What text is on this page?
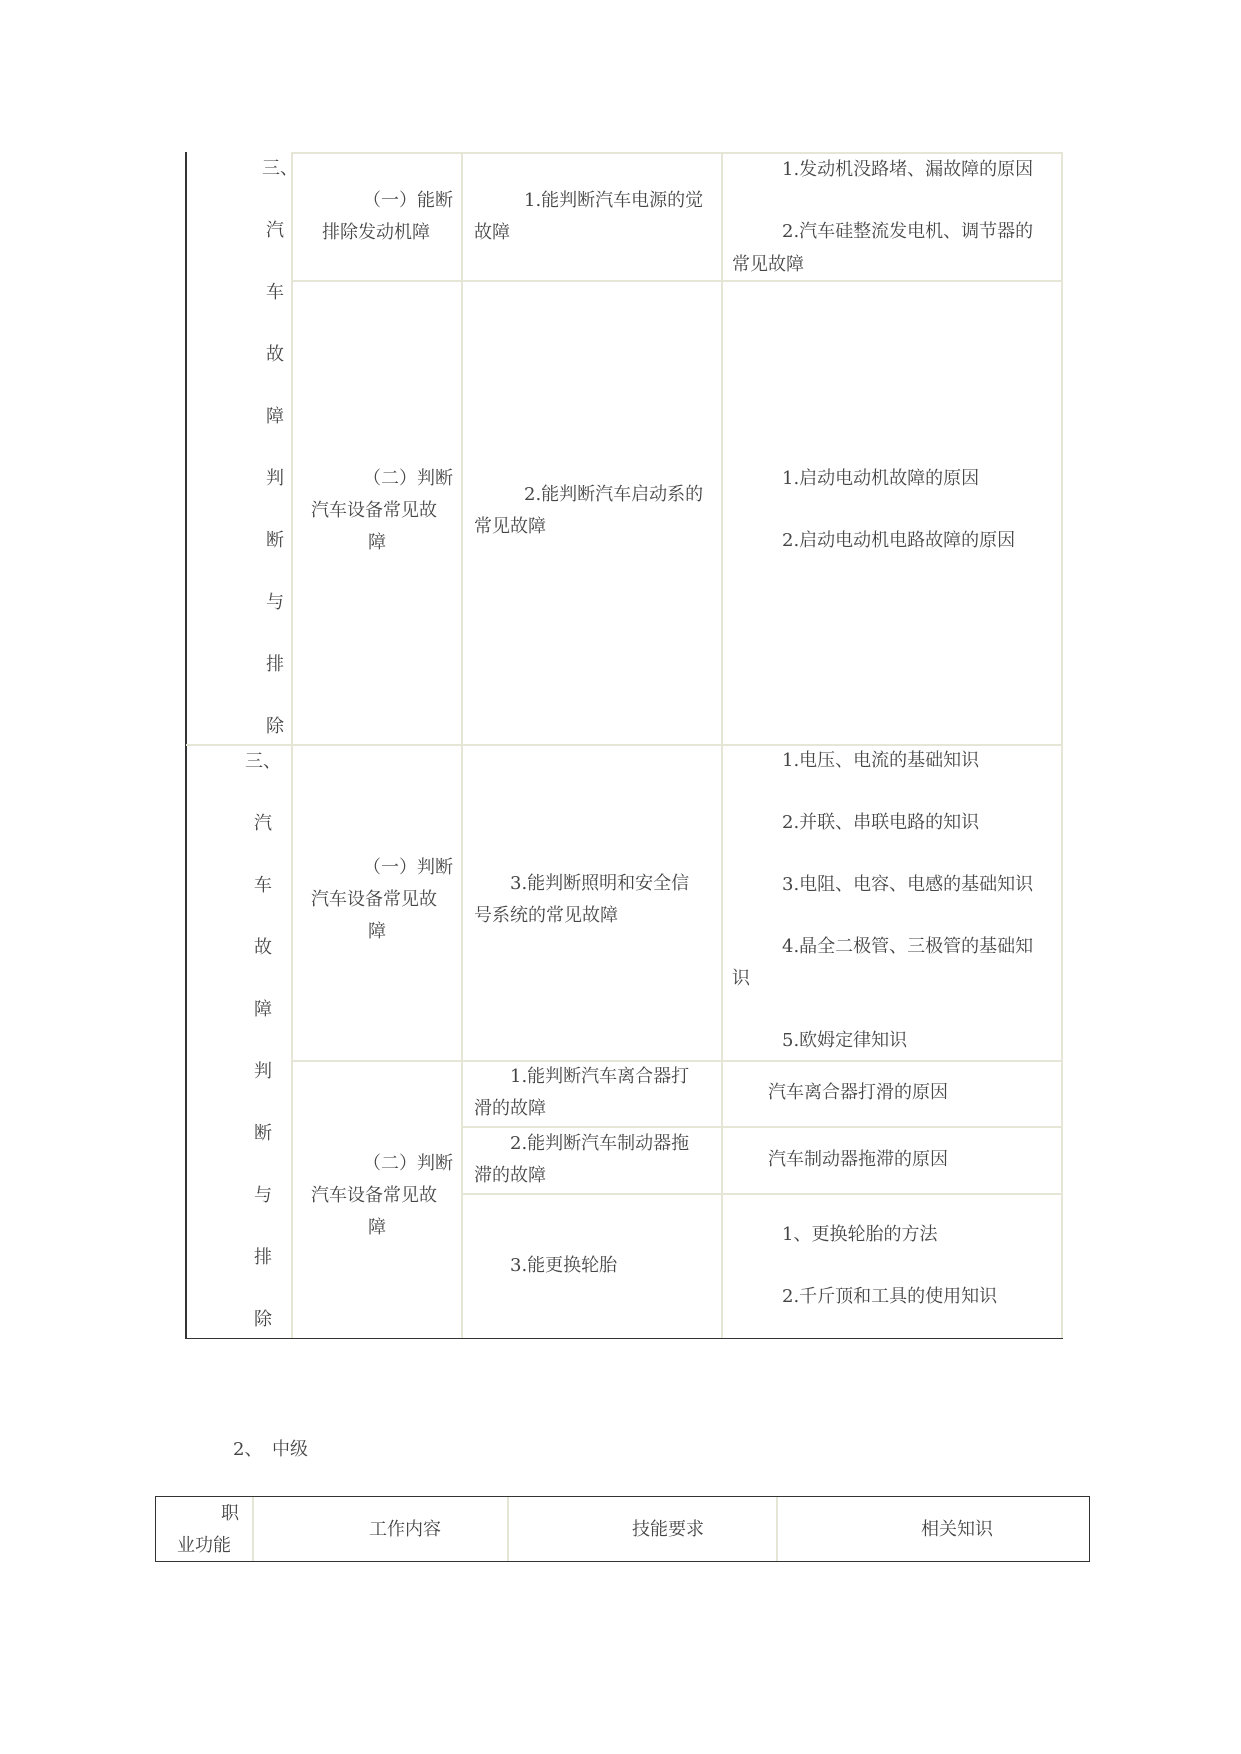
三、
汽
车
故
障
判
断
与
排
除
三、
汽
车
故
障
判
断
与
排
除
（一）能断
排除发动机障
1.能判断汽车电源的觉
故障
1.发动机没路堵、漏故障的原因
2.汽车硅整流发电机、调节器的
常见故障
（二）判断
汽车设备常见故
障
2.能判断汽车启动系的
常见故障
1.启动电动机故障的原因
2.启动电动机电路故障的原因
（一）判断
汽车设备常见故
障
3.能判断照明和安全信
号系统的常见故障
1.电压、电流的基础知识
2.并联、串联电路的知识
3.电阻、电容、电感的基础知识
4.晶全二极管、三极管的基础知
识
5.欧姆定律知识
（二）判断
汽车设备常见故
障
1.能判断汽车离合器打
滑的故障
汽车离合器打滑的原因
2.能判断汽车制动器拖
滞的故障
汽车制动器拖滞的原因
3.能更换轮胎
1、更换轮胎的方法
2.千斤顶和工具的使用知识
2、 中级
职
业功能
工作内容	技能要求	相关知识
